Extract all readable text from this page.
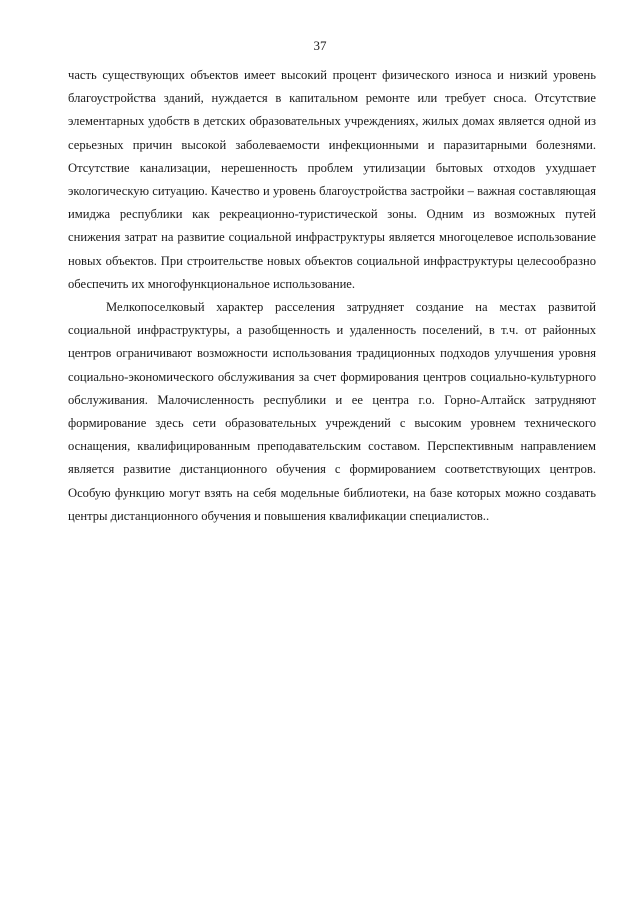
37

часть существующих объектов имеет высокий процент физического износа и низкий уровень благоустройства зданий, нуждается в капитальном ремонте или требует сноса. Отсутствие элементарных удобств в детских образовательных учреждениях, жилых домах является одной из серьезных причин высокой заболеваемости инфекционными и паразитарными болезнями. Отсутствие канализации, нерешенность проблем утилизации бытовых отходов ухудшает экологическую ситуацию. Качество и уровень благоустройства застройки – важная составляющая имиджа республики как рекреационно-туристической зоны. Одним из возможных путей снижения затрат на развитие социальной инфраструктуры является многоцелевое использование новых объектов. При строительстве новых объектов социальной инфраструктуры целесообразно обеспечить их многофункциональное использование.

Мелкопоселковый характер расселения затрудняет создание на местах развитой социальной инфраструктуры, а разобщенность и удаленность поселений, в т.ч. от районных центров ограничивают возможности использования традиционных подходов улучшения уровня социально-экономического обслуживания за счет формирования центров социально-культурного обслуживания. Малочисленность республики и ее центра г.о. Горно-Алтайск затрудняют формирование здесь сети образовательных учреждений с высоким уровнем технического оснащения, квалифицированным преподавательским составом. Перспективным направлением является развитие дистанционного обучения с формированием соответствующих центров. Особую функцию могут взять на себя модельные библиотеки, на базе которых можно создавать центры дистанционного обучения и повышения квалификации специалистов..
